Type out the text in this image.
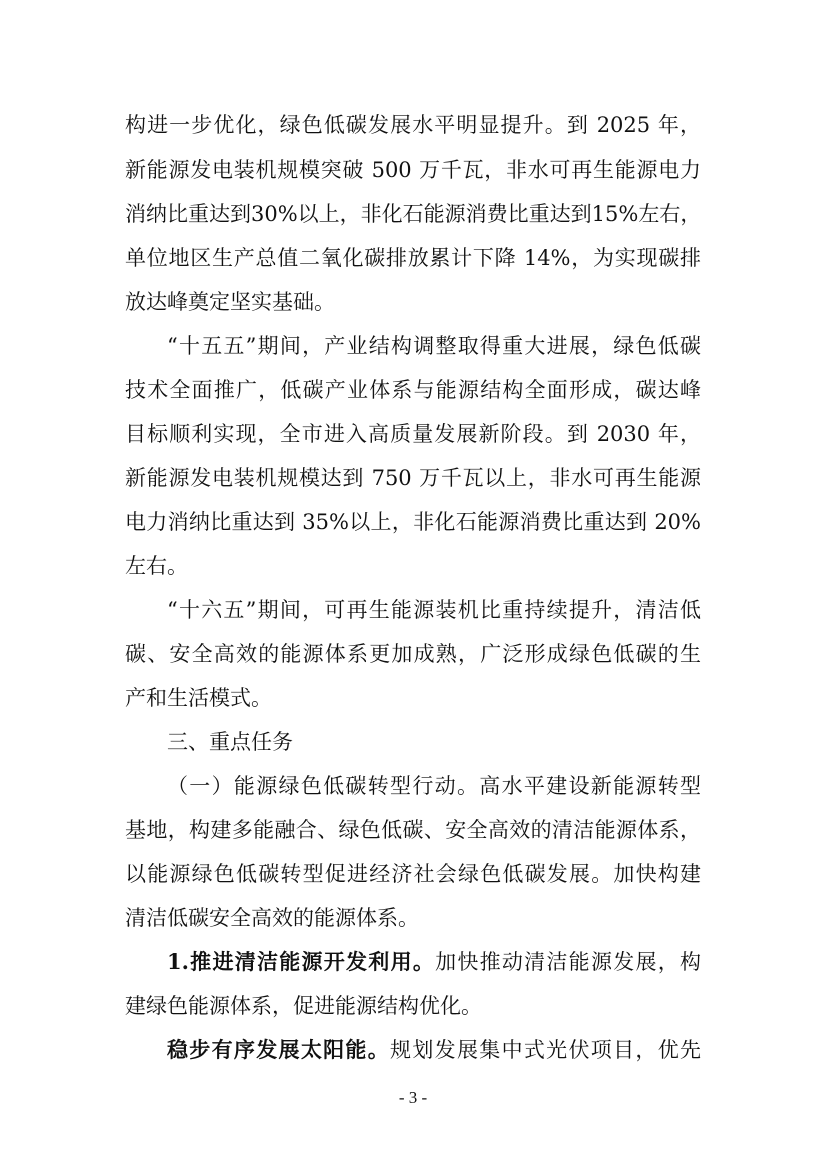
构进一步优化，绿色低碳发展水平明显提升。到 2025 年，
新能源发电装机规模突破 500 万千瓦，非水可再生能源电力
消纳比重达到30%以上，非化石能源消费比重达到15%左右，
单位地区生产总值二氧化碳排放累计下降 14%，为实现碳排
放达峰奠定坚实基础。
“十五五”期间，产业结构调整取得重大进展，绿色低碳
技术全面推广，低碳产业体系与能源结构全面形成，碳达峰
目标顺利实现，全市进入高质量发展新阶段。到 2030 年，
新能源发电装机规模达到 750 万千瓦以上，非水可再生能源
电力消纳比重达到 35%以上，非化石能源消费比重达到 20%
左右。
“十六五”期间，可再生能源装机比重持续提升，清洁低
碳、安全高效的能源体系更加成熟，广泛形成绿色低碳的生
产和生活模式。
三、重点任务
（一）能源绿色低碳转型行动。高水平建设新能源转型
基地，构建多能融合、绿色低碳、安全高效的清洁能源体系，
以能源绿色低碳转型促进经济社会绿色低碳发展。加快构建
清洁低碳安全高效的能源体系。
1.推进清洁能源开发利用。加快推动清洁能源发展，构
建绿色能源体系，促进能源结构优化。
稳步有序发展太阳能。规划发展集中式光伏项目，优先
- 3 -
